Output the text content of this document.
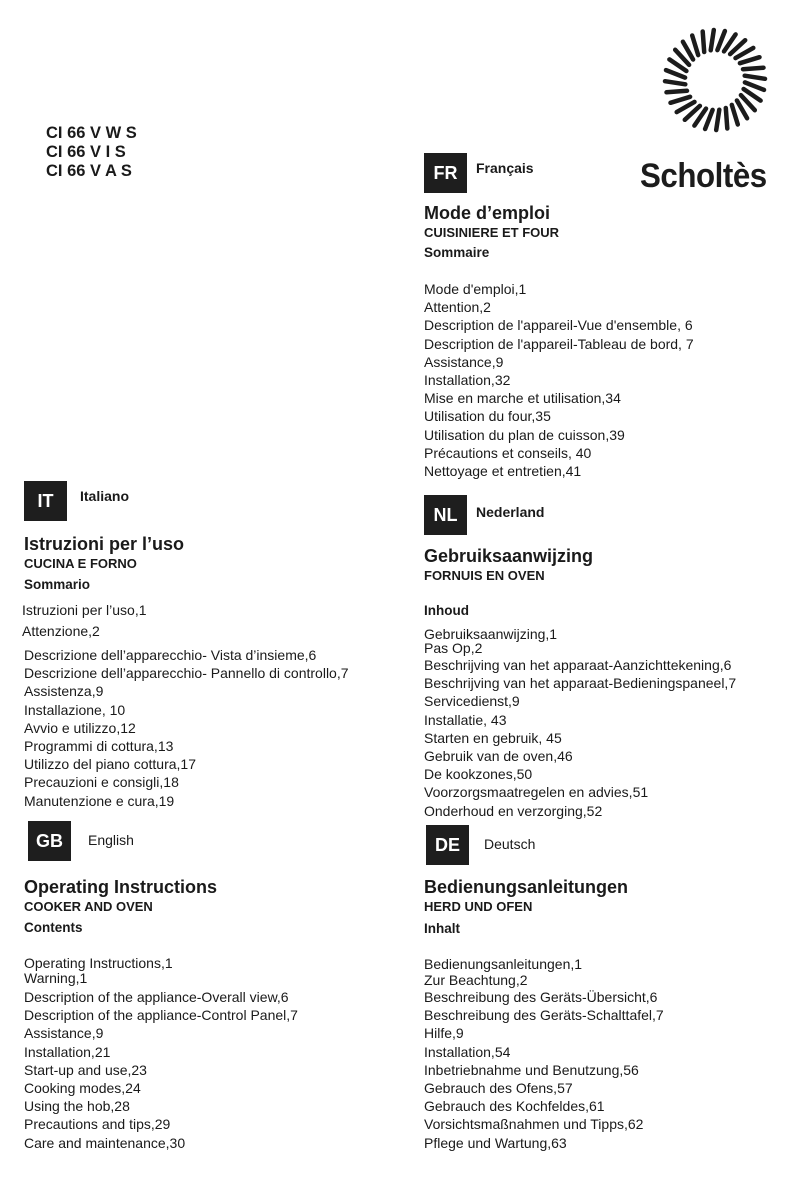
CI 66 V W S
CI 66 V I S
CI 66 V A S	Scholtès
FR	Français
Mode d’emploi
CUISINIERE ET FOUR
Sommaire
Mode d'emploi,1
Attention,2
Description de l'appareil-Vue d'ensemble, 6
Description de l'appareil-Tableau de bord, 7
Assistance,9
Installation,32
Mise en marche et utilisation,34
Utilisation du four,35
Utilisation du plan de cuisson,39
Précautions et conseils, 40
Nettoyage et entretien,41
IT	Italiano
Istruzioni per l’uso
CUCINA E FORNO
Sommario
Istruzioni per l’uso,1
Attenzione,2
Descrizione dell’apparecchio- Vista d’insieme,6
Descrizione dell’apparecchio- Pannello di controllo,7
Assistenza,9
Installazione, 10
Avvio e utilizzo,12
Programmi di cottura,13
Utilizzo del piano cottura,17
Precauzioni e consigli,18
Manutenzione e cura,19
NL	Nederland
Gebruiksaanwijzing
FORNUIS EN OVEN
Inhoud
Gebruiksaanwijzing,1
Pas Op,2
Beschrijving van het apparaat-Aanzichttekening,6
Beschrijving van het apparaat-Bedieningspaneel,7
Servicedienst,9
Installatie, 43
Starten en gebruik, 45
Gebruik van de oven,46
De kookzones,50
Voorzorgsmaatregelen en advies,51
Onderhoud en verzorging,52
GB	English
Operating Instructions
COOKER AND OVEN
Contents
Operating Instructions,1
Warning,1
Description of the appliance-Overall view,6
Description of the appliance-Control Panel,7
Assistance,9
Installation,21
Start-up and use,23
Cooking modes,24
Using the hob,28
Precautions and tips,29
Care and maintenance,30
DE	Deutsch
Bedienungsanleitungen
HERD UND OFEN
Inhalt
Bedienungsanleitungen,1
Zur Beachtung,2
Beschreibung des Geräts-Übersicht,6
Beschreibung des Geräts-Schalttafel,7
Hilfe,9
Installation,54
Inbetriebnahme und Benutzung,56
Gebrauch des Ofens,57
Gebrauch des Kochfeldes,61
Vorsichtsmaßnahmen und Tipps,62
Pflege und Wartung,63
